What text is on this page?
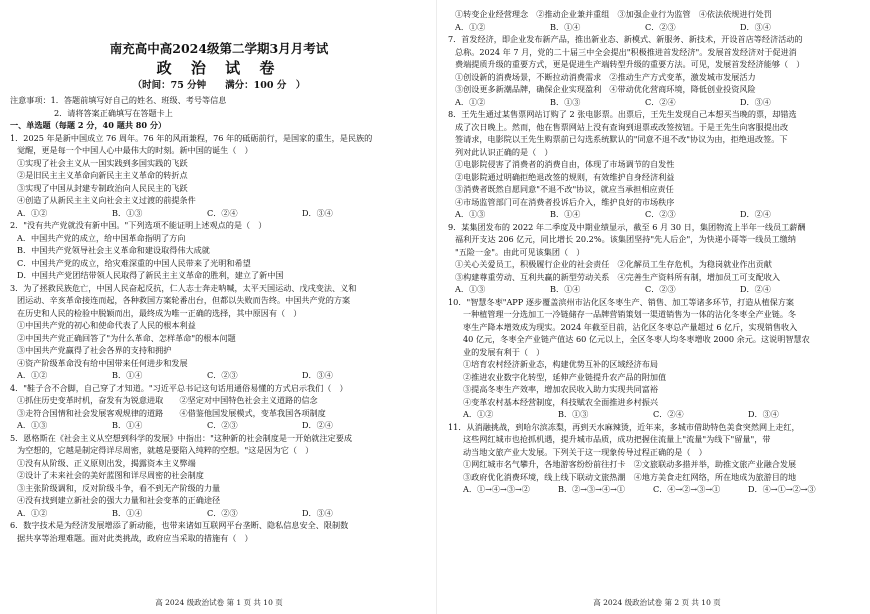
南充高中高2024级第二学期3月月考试
政 治 试 卷
（时间：75 分钟　　满分：100 分　）
注意事项：1．答题前填写好自己的姓名、班级、考号等信息
2．请将答案正确填写在答题卡上
一、单选题（每题 2 分，40 题共 80 分）
1．2025 年是新中国成立 76 周年。76 年的风雨兼程，76 年的砥砺前行，是国家的重生，是民族的
觉醒，更是每一个中国人心中最伟大的时刻。新中国的诞生（　）
①实现了社会主义从一国实践到多国实践的飞跃
②是旧民主主义革命向新民主主义革命的转折点
③实现了中国从封建专制政治向人民民主的飞跃
④创造了从新民主主义向社会主义过渡的前提条件
A．①②	B．①③	C．②④	D．③④
2．"没有共产党就没有新中国。"下列选项不能证明上述观点的是（　）
A．中国共产党的成立，给中国革命指明了方向
B．中国共产党领导社会主义革命和建设取得伟大成就
C．中国共产党的成立，给灾难深重的中国人民带来了光明和希望
D．中国共产党团结带领人民取得了新民主主义革命的胜利，建立了新中国
3．为了拯救民族危亡，中国人民奋起反抗，仁人志士奔走呐喊，太平天国运动、戊戌变法、义和
团运动、辛亥革命接连而起，各种救国方案轮番出台，但都以失败而告终。中国共产党的方案
在历史和人民的检验中脱颖而出，最终成为唯一正确的选择，其中原因有（　）
①中国共产党的初心和使命代表了人民的根本利益
②中国共产党正确回答了"为什么革命、怎样革命"的根本问题
③中国共产党赢得了社会各界的支持和拥护
④资产阶级革命没有给中国带来任何进步和发展
A．①②	B．①④	C．②③	D．③④
4．"鞋子合不合脚，自己穿了才知道。"习近平总书记这句话用通俗易懂的方式启示我们（　）
①抓住历史变革时机，奋发有为锐意进取　　②坚定对中国特色社会主义道路的信念
③走符合国情和社会发展客观规律的道路　　④借鉴他国发展模式，变革我国各项制度
A．①③	B．①④	C．②③	D．②④
5．恩格斯在《社会主义从空想到科学的发展》中指出："这种新的社会制度是一开始就注定要成
为空想的，它越是制定得详尽周密，就越是要陷入纯粹的空想。"这是因为它（　）
①没有从阶级、正义原则出发，揭露资本主义弊端
②设计了未来社会的美好蓝图和详尽周密的社会制度
③主张阶级调和，反对阶级斗争，看不到无产阶级的力量
④没有找到建立新社会的强大力量和社会变革的正确途径
A．①②	B．①④	C．②③	D．③④
6．数字技术是为经济发展增添了新动能，也带来诸如互联网平台垄断、隐私信息安全、限制数
据共享等治理难题。面对此类挑战，政府应当采取的措施有（　）
①转变企业经营理念　②推动企业兼并重组　③加强企业行为监管　④依法依规进行处罚
A．①②	B．①④	C．②③	D．③④
7．首发经济，即企业发布新产品，推出新业态、新模式、新服务、新技术，开设首店等经济活动的
总称。2024 年 7 月，党的二十届三中全会提出"积极推进首发经济"。发展首发经济对于促进消
费端提质升级的重要方式，更是促进生产端转型升级的重要方法。可见，发展首发经济能够（　）
①创设新的消费场景，不断拉动消费需求　②推动生产方式变革，激发城市发展活力
③创设更多新潮品牌，确保企业实现盈利　④带动优化营商环境，降低创业投资风险
A．①②	B．①③	C．②④	D．③④
8．王先生通过某售票网站订购了 2 张电影票。出票后，王先生发现自己本想买当晚的票，却错选
成了次日晚上。然而，他在售票网站上没有查询到退票或改签按钮。于是王先生向客服提出改
签请求，电影院以王先生购票前已勾选系统默认的"同意不退不改"协议为由，拒绝退改签。下
列对此认识正确的是（　）
①电影院侵害了消费者的消费自由，体现了市场调节的自发性
②电影院通过明确拒绝退改签的规则，有效维护自身经济利益
③消费者既然自愿同意"不退不改"协议，就应当承担相应责任
④市场监管部门可在消费者投诉后介入，维护良好的市场秩序
A．①③	B．①④	C．②③	D．②④
9．某集团发布的 2022 年二季度及中期业绩显示，截至 6 月 30 日，集团物流上半年一线员工薪酬
福利开支达 206 亿元，同比增长 20.2%。该集团坚持"先人后企"，为快递小哥等一线员工缴纳
"五险一金"。由此可见该集团（　）
①关心关爱员工，积极履行企业的社会责任　②化解员工生存危机，为稳岗就业作出贡献
③构建尊重劳动、互利共赢的新型劳动关系　④完善生产资料所有制，增加员工可支配收入
A．①③	B．①④	C．②③	D．②④
10．"智慧冬枣"APP 逐步覆盖滨州市沾化区冬枣生产、销售、加工等诸多环节，打造从植保方案
一种植管理一分选加工一冷链储存一品牌营销策划一渠道销售为一体的沾化冬枣全产业链。冬
枣生产降本增效成为现实。2024 年截至目前，沾化区冬枣总产量超过 6 亿斤，实现销售收入
40 亿元，冬枣全产业链产值达 60 亿元以上，全区冬枣人均冬枣增收 2000 余元。这说明智慧农
业的发展有利于（　）
①培育农村经济新业态，构建优势互补的区域经济布局
②推进农业数字化转型，延伸产业链提升农产品的附加值
③提高冬枣生产效率，增加农民收入助力实现共同富裕
④变革农村基本经营制度，科技赋农全面推进乡村振兴
A．①②	B．①③	C．②④	D．③④
11．从消融挑战，到哈尔滨冻梨，再到天水麻辣烫，近年来，多城市借助特色美食突然网上走红，
这些网红城市也抢抓机遇，提升城市品质，成功把握住流量上"流量"为线下"留量"，带
动当地文旅产业大发展。下列关于这一现象传导过程正确的是（　）
①网红城市名气攀升，各地游客纷纷前往打卡　②文旅联动多措并举，助推文旅产业融合发展
③政府优化消费环境，线上线下联动文旅热潮　④地方美食走红网络，所在地成为旅游目的地
A．①→④→③→②	B．②→③→④→①	C．④→②→③→①	D．④→①→②→③
高 2024 级政治试卷 第 1 页 共 10 页	高 2024 级政治试卷 第 2 页 共 10 页
